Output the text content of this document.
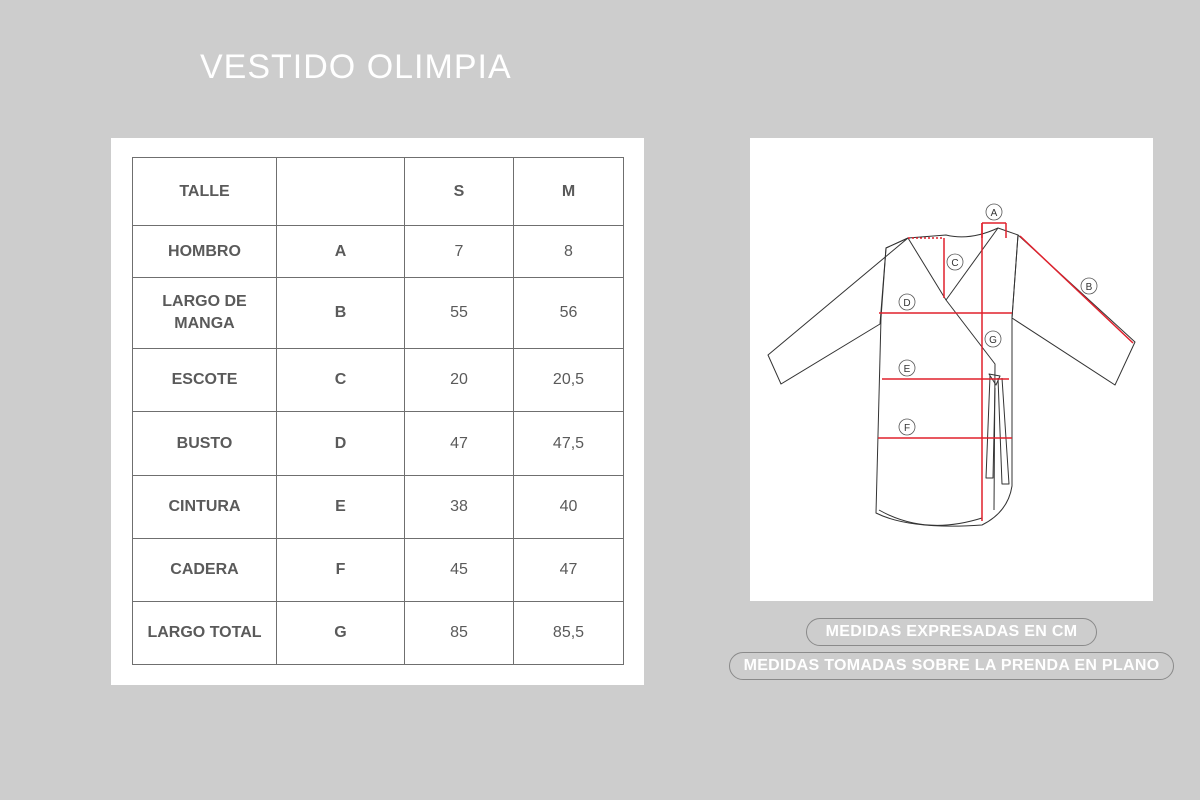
VESTIDO OLIMPIA
TALLE		S	M
HOMBRO	A	7	8
LARGO DE MANGA	B	55	56
ESCOTE	C	20	20,5
BUSTO	D	47	47,5
CINTURA	E	38	40
CADERA	F	45	47
LARGO TOTAL	G	85	85,5
A
B
C
D
E
F
G
MEDIDAS EXPRESADAS EN CM
MEDIDAS TOMADAS SOBRE LA PRENDA EN PLANO
